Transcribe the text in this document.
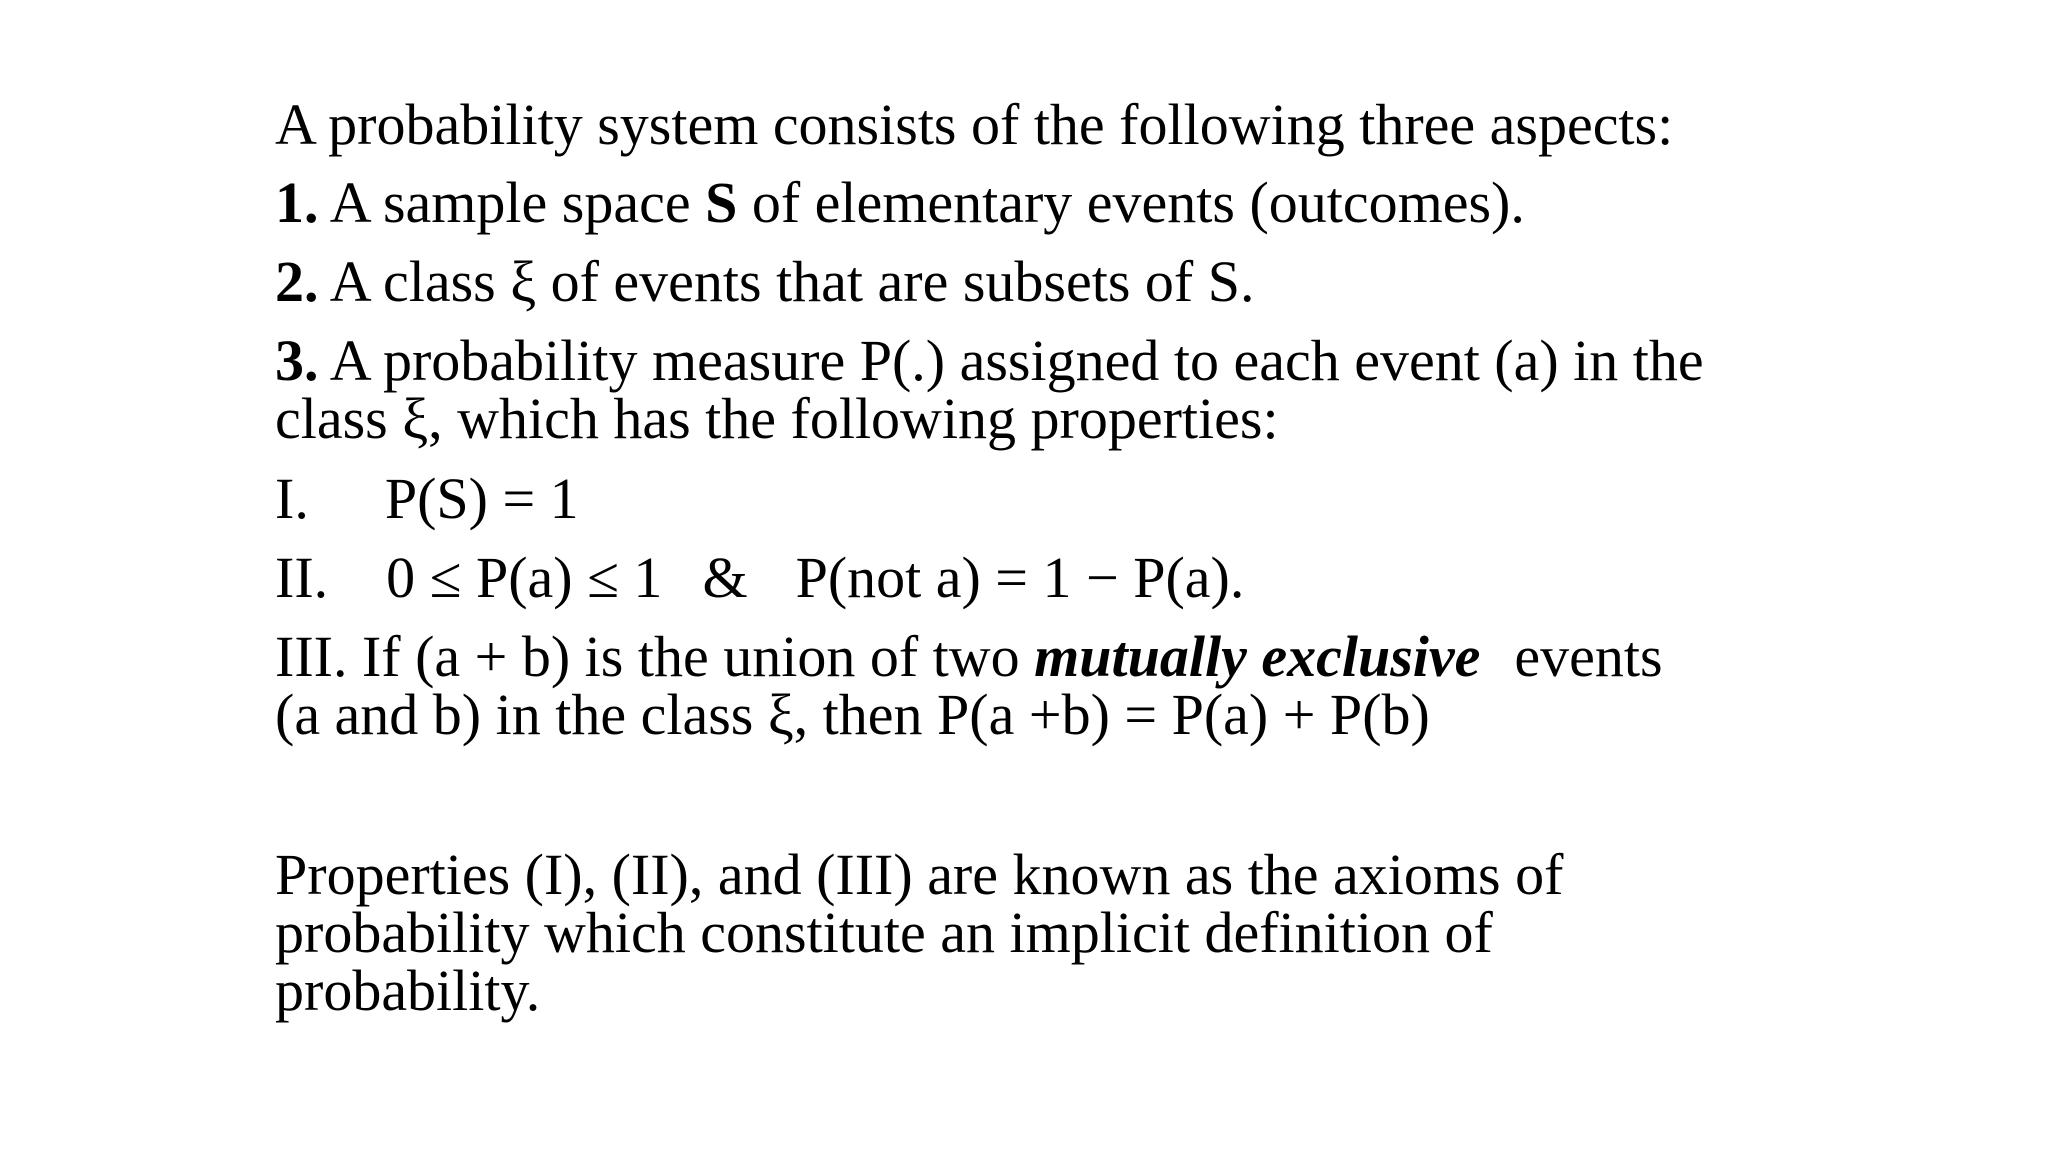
A probability system consists of the following three aspects:
1. A sample space S of elementary events (outcomes).
2. A class ξ of events that are subsets of S.
3. A probability measure P(.) assigned to each event (a) in the
class ξ, which has the following properties:
I. P(S) = 1
II. 0 ≤ P(a) ≤ 1 & P(not a) = 1 − P(a).
III. If (a + b) is the union of two mutually exclusive events
(a and b) in the class ξ, then P(a +b) = P(a) + P(b)
Properties (I), (II), and (III) are known as the axioms of
probability which constitute an implicit definition of
probability.
